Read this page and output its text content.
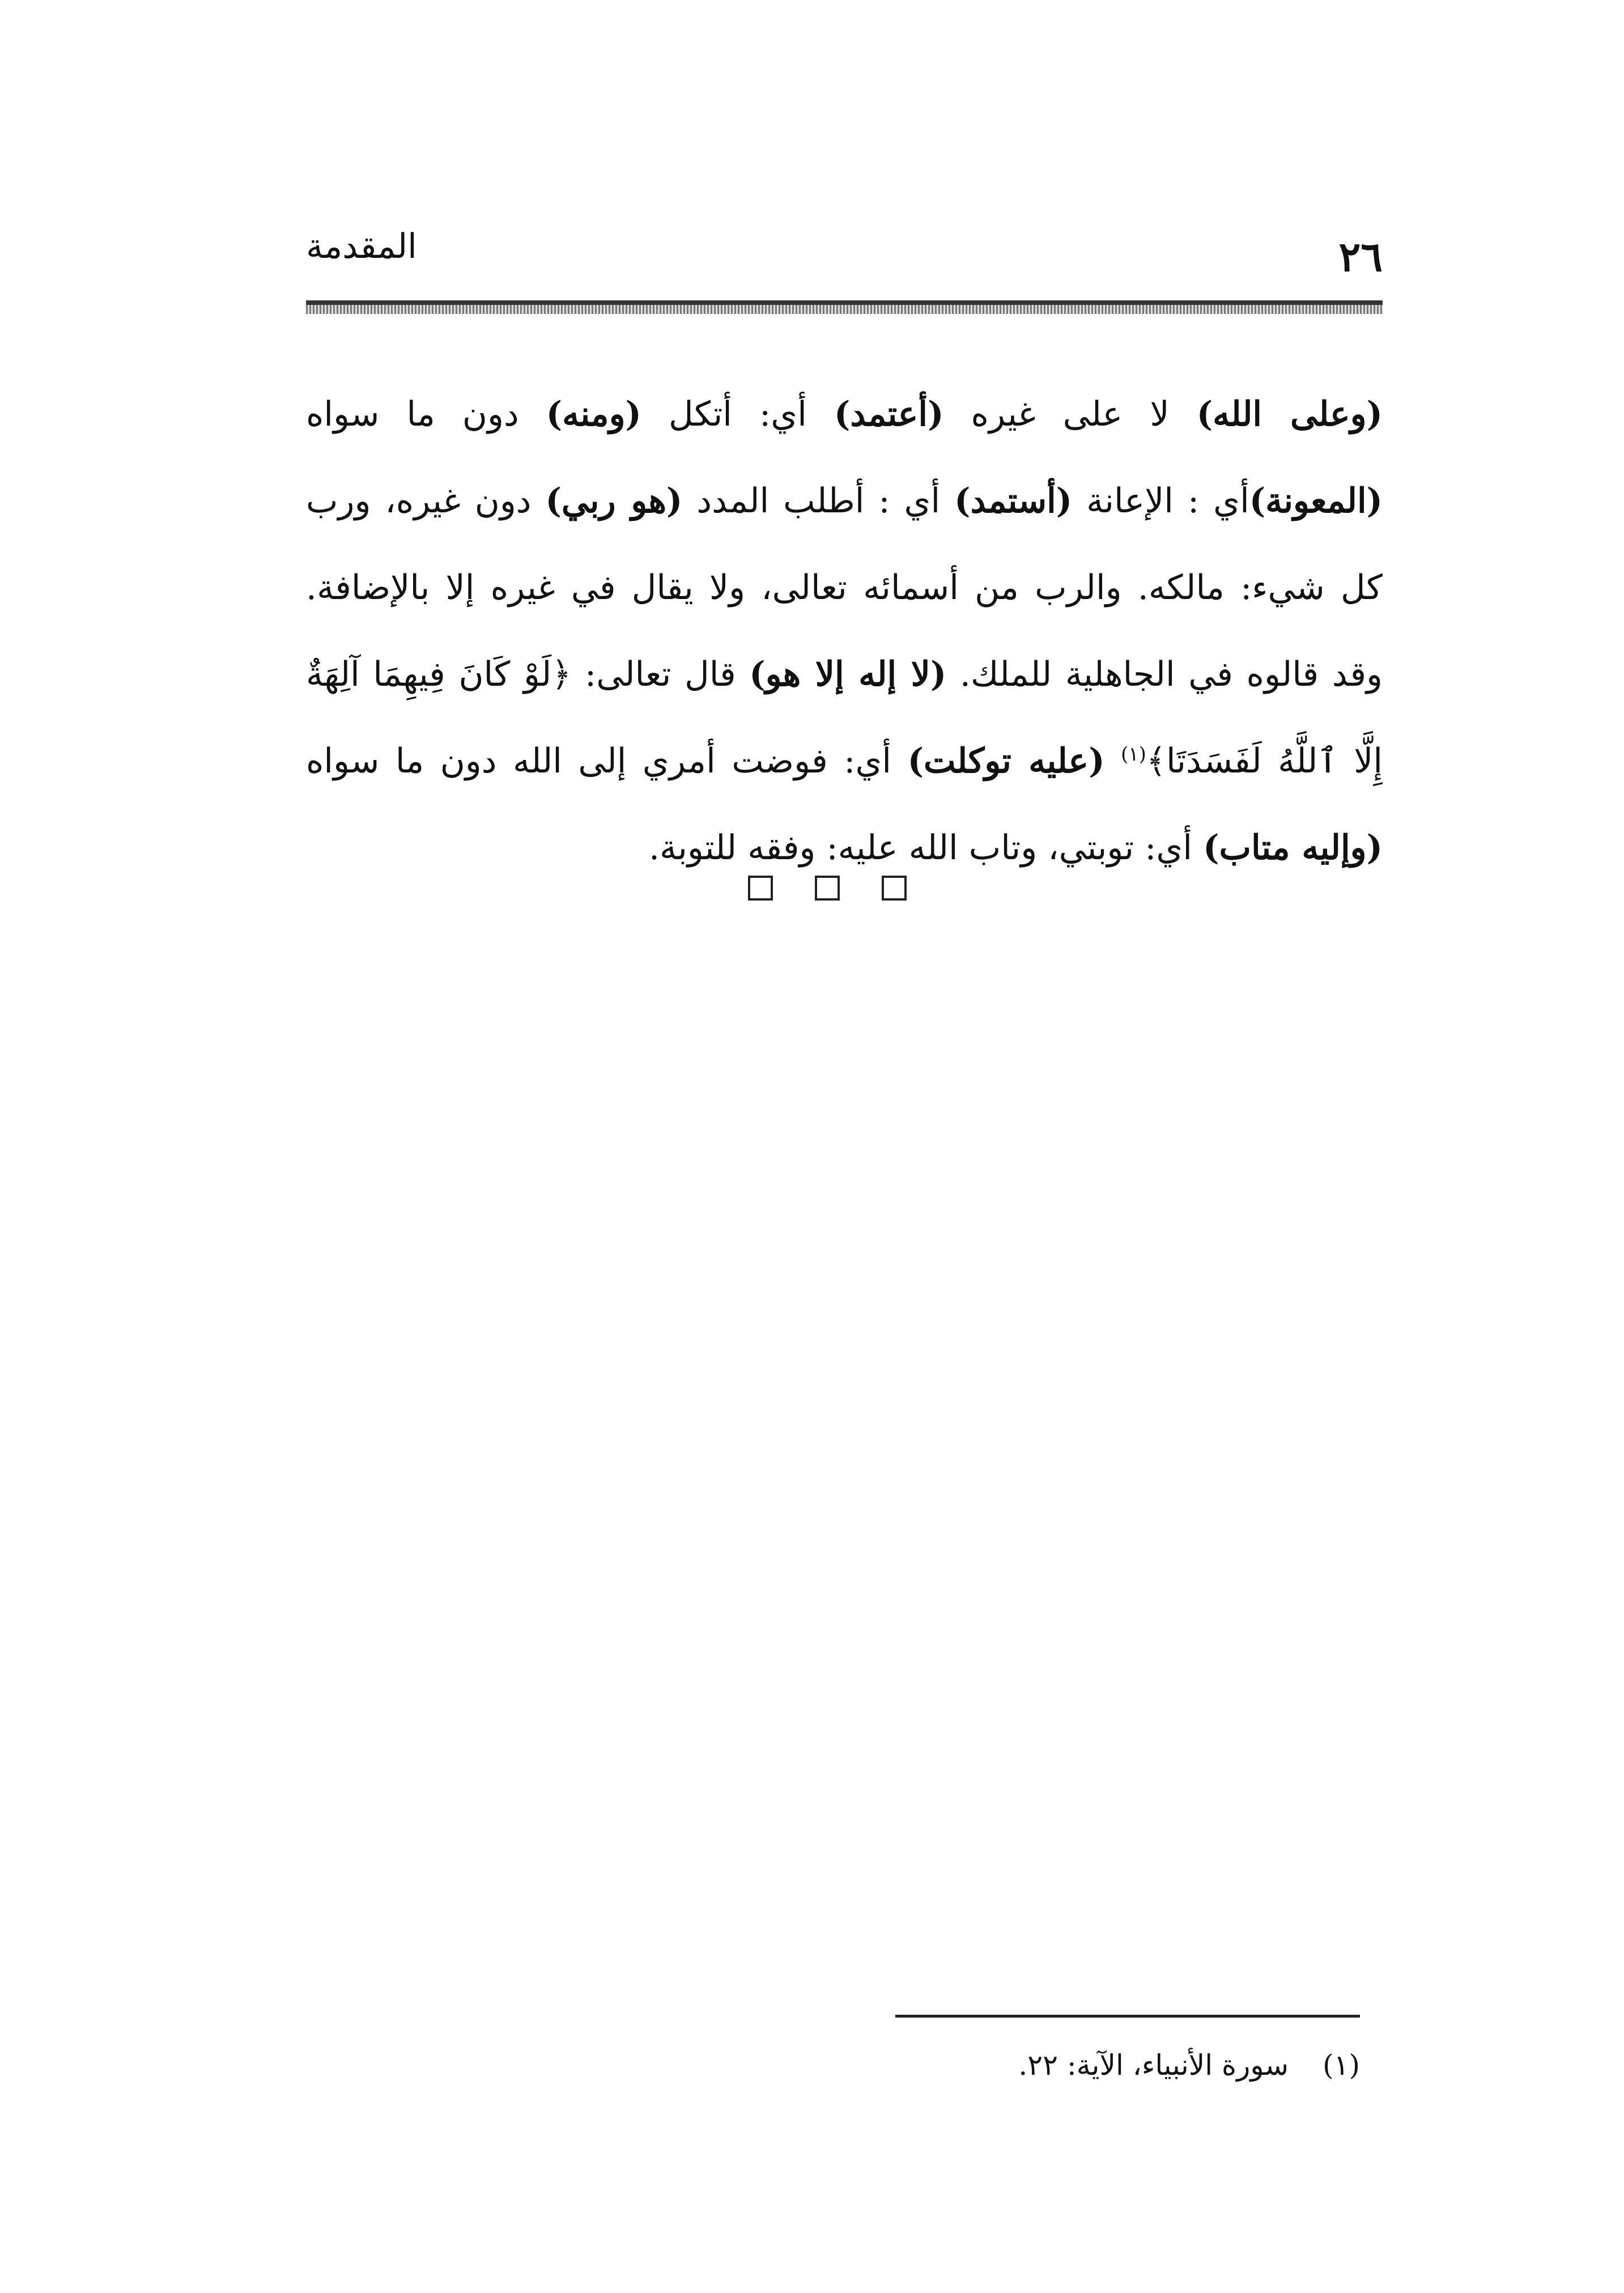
٢٦
المقدمة
(وعلى الله) لا على غيره (أعتمد) أي: أتكل (ومنه) دون ما سواه
(المعونة)أي : الإعانة (أستمد) أي : أطلب المدد (هو ربي) دون غيره، ورب
كل شيء: مالكه. والرب من أسمائه تعالى، ولا يقال في غيره إلا بالإضافة.
وقد قالوه في الجاهلية للملك. (لا إله إلا هو) قال تعالى: ﴿لَوْ كَانَ فِيهِمَا آلِهَةٌ
إِلَّا ٱللَّهُ لَفَسَدَتَا﴾$^{(١)}$ (عليه توكلت) أي: فوضت أمري إلى الله دون ما سواه
(وإليه متاب) أي: توبتي، وتاب الله عليه: وفقه للتوبة.
(١)سورة الأنبياء، الآية: ٢٢.
